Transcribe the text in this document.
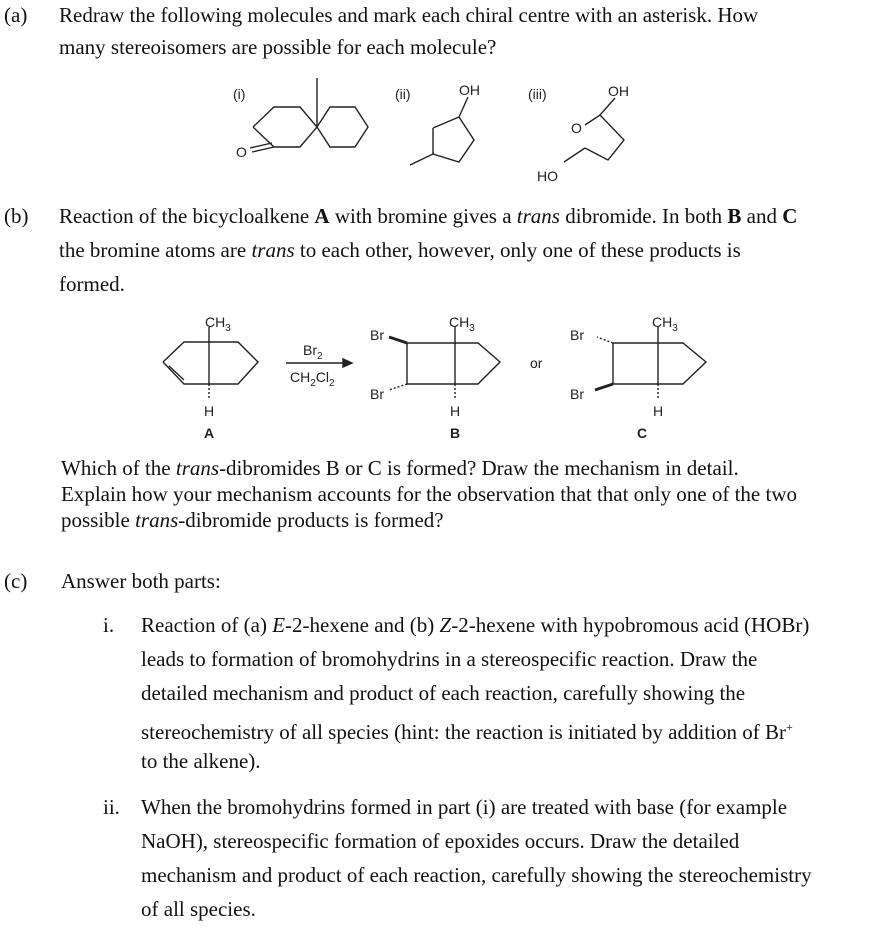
(a) Redraw the following molecules and mark each chiral centre with an asterisk. How
many stereoisomers are possible for each molecule?
(i)	(ii)	(iii)
O
OH
O
OH
HO
(b) Reaction of the bicycloalkene A with bromine gives a trans dibromide. In both B and C
the bromine atoms are trans to each other, however, only one of these products is
formed.
$CH_3$
H
A
$Br_2$
$CH_2Cl_2$
Br
Br
$CH_3$
H
B
or
Br
Br
$CH_3$
H
C
Which of the trans-dibromides B or C is formed? Draw the mechanism in detail.
Explain how your mechanism accounts for the observation that that only one of the two
possible trans-dibromide products is formed?
(c) Answer both parts:
i. Reaction of (a) E-2-hexene and (b) Z-2-hexene with hypobromous acid (HOBr)
leads to formation of bromohydrins in a stereospecific reaction. Draw the
detailed mechanism and product of each reaction, carefully showing the
stereochemistry of all species (hint: the reaction is initiated by addition of Br+
to the alkene).
ii. When the bromohydrins formed in part (i) are treated with base (for example
NaOH), stereospecific formation of epoxides occurs. Draw the detailed
mechanism and product of each reaction, carefully showing the stereochemistry
of all species.
